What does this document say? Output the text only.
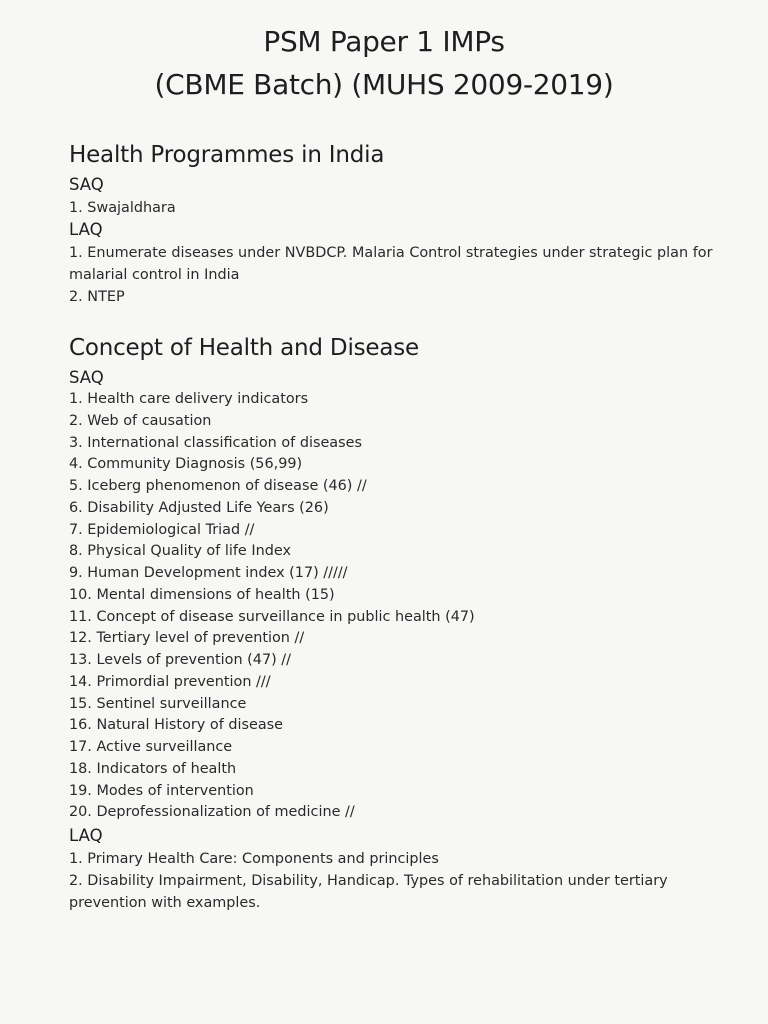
PSM Paper 1 IMPs
(CBME Batch) (MUHS 2009-2019)
Health Programmes in India
SAQ
1. Swajaldhara
LAQ
1. Enumerate diseases under NVBDCP. Malaria Control strategies under strategic plan for malarial control in India
2. NTEP
Concept of Health and Disease
SAQ
1. Health care delivery indicators
2. Web of causation
3. International classification of diseases
4. Community Diagnosis (56,99)
5. Iceberg phenomenon of disease (46) //
6. Disability Adjusted Life Years (26)
7. Epidemiological Triad //
8. Physical Quality of life Index
9. Human Development index (17) /////
10. Mental dimensions of health (15)
11. Concept of disease surveillance in public health (47)
12. Tertiary level of prevention //
13. Levels of prevention (47) //
14. Primordial prevention ///
15. Sentinel surveillance
16. Natural History of disease
17. Active surveillance
18. Indicators of health
19. Modes of intervention
20. Deprofessionalization of medicine //
LAQ
1. Primary Health Care: Components and principles
2. Disability Impairment, Disability, Handicap. Types of rehabilitation under tertiary prevention with examples.
